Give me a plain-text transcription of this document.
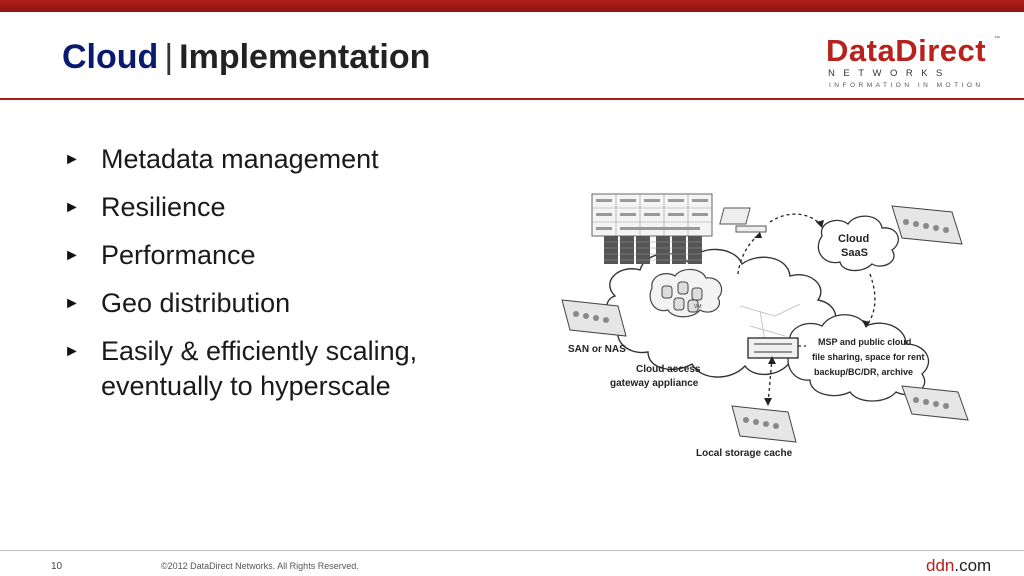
Cloud | Implementation	DataDirect ™
NETWORKS
INFORMATION IN MOTION
► Metadata management
► Resilience
► Performance
► Geo distribution
► Easily & efficiently scaling,
eventually to hyperscale
VM
Cloud
SaaS
MSP and public cloud
file sharing, space for rent
backup/BC/DR, archive
SAN or NAS
Cloud access
gateway appliance
Local storage cache
10	©2012 DataDirect Networks. All Rights Reserved.	ddn.com
